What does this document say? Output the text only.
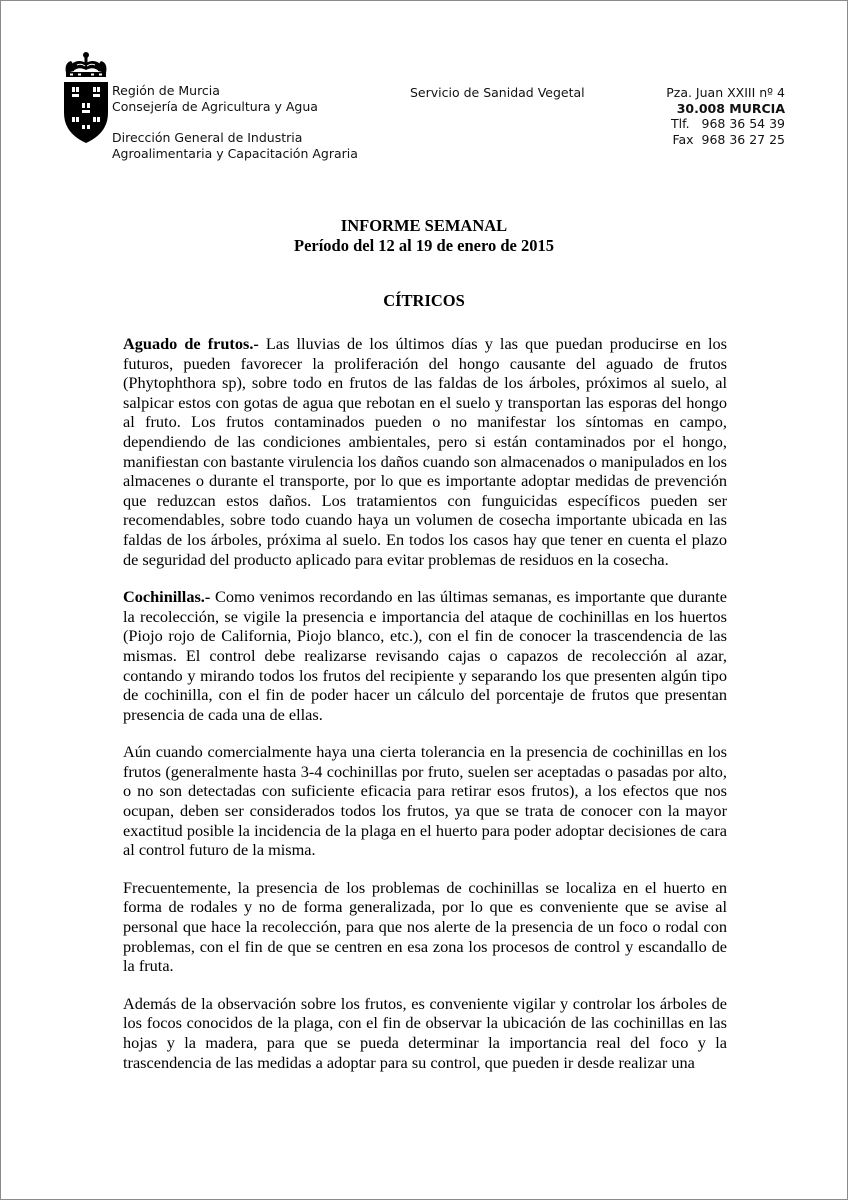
Región de Murcia
Consejería de Agricultura y Agua
Dirección General de Industria
Agroalimentaria y Capacitación Agraria
Servicio de Sanidad Vegetal	Pza. Juan XXIII nº 4
30.008 MURCIA
Tlf.   968 36 54 39
Fax  968 36 27 25
INFORME SEMANAL
Período del 12 al 19 de enero de 2015
CÍTRICOS

Aguado de frutos.- Las lluvias de los últimos días y las que puedan producirse en los futuros, pueden favorecer la proliferación del hongo causante del aguado de frutos (Phytophthora sp), sobre todo en frutos de las faldas de los árboles, próximos al suelo, al salpicar estos con gotas de agua que rebotan en el suelo y transportan las esporas del hongo al fruto. Los frutos contaminados pueden o no manifestar los síntomas en campo, dependiendo de las condiciones ambientales, pero si están contaminados por el hongo, manifiestan con bastante virulencia los daños cuando son almacenados o manipulados en los almacenes o durante el transporte, por lo que es importante adoptar medidas de prevención que reduzcan estos daños. Los tratamientos con funguicidas específicos pueden ser recomendables, sobre todo cuando haya un volumen de cosecha importante ubicada en las faldas de los árboles, próxima al suelo. En todos los casos hay que tener en cuenta el plazo de seguridad del producto aplicado para evitar problemas de residuos en la cosecha.

Cochinillas.- Como venimos recordando en las últimas semanas, es importante que durante la recolección, se vigile la presencia e importancia del ataque de cochinillas en los huertos (Piojo rojo de California, Piojo blanco, etc.), con el fin de conocer la trascendencia de las mismas. El control debe realizarse revisando cajas o capazos de recolección al azar, contando y mirando todos los frutos del recipiente y separando los que presenten algún tipo de cochinilla, con el fin de poder hacer un cálculo del porcentaje de frutos que presentan presencia de cada una de ellas.

Aún cuando comercialmente haya una cierta tolerancia en la presencia de cochinillas en los frutos (generalmente hasta 3-4 cochinillas por fruto, suelen ser aceptadas o pasadas por alto, o no son detectadas con suficiente eficacia para retirar esos frutos), a los efectos que nos ocupan, deben ser considerados todos los frutos, ya que se trata de conocer con la mayor exactitud posible la incidencia de la plaga en el huerto para poder adoptar decisiones de cara al control futuro de la misma.

Frecuentemente, la presencia de los problemas de cochinillas se localiza en el huerto en forma de rodales y no de forma generalizada, por lo que es conveniente que se avise al personal que hace la recolección, para que nos alerte de la presencia de un foco o rodal con problemas, con el fin de que se centren en esa zona los procesos de control y escandallo de la fruta.

Además de la observación sobre los frutos, es conveniente vigilar y controlar los árboles de los focos conocidos de la plaga, con el fin de observar la ubicación de las cochinillas en las hojas y la madera, para que se pueda determinar la importancia real del foco y la trascendencia de las medidas a adoptar para su control, que pueden ir desde realizar una
